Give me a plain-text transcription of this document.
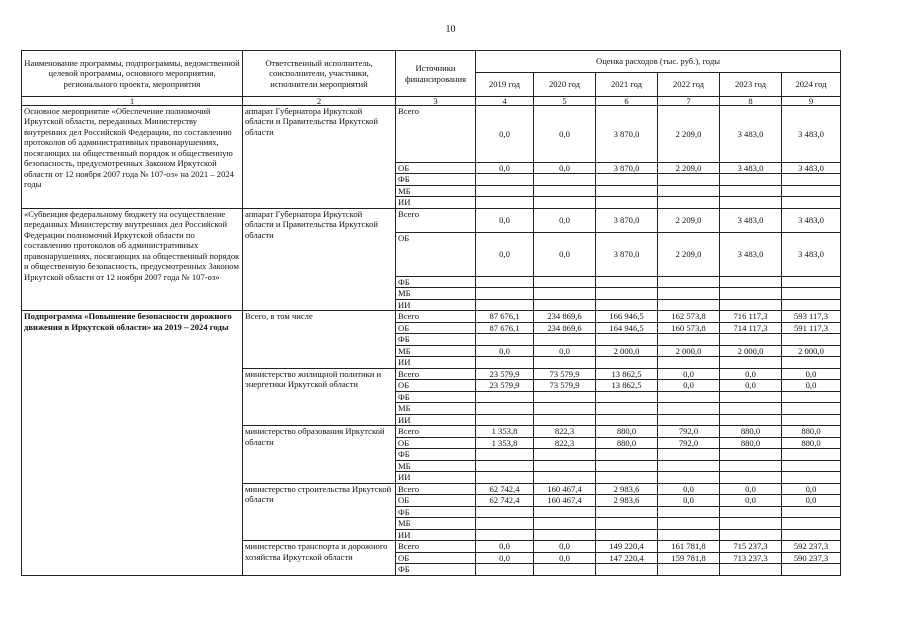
10
Наименование программы, подпрограммы, ведомственной целевой программы, основного мероприятия, регионального проекта, мероприятия	Ответственный исполнитель, соисполнители, участники, исполнители мероприятий	Источники финансирования	Оценка расходов (тыс. руб.), годы					
			2019 год	2020 год	2021 год	2022 год	2023 год	2024 год
1	2	3	4	5	6	7	8	9
Основное мероприятие «Обеспечение полномочий Иркутской области, переданных Министерству внутренних дел Российской Федерации, по составлению протоколов об административных правонарушениях, посягающих на общественный порядок и общественную безопасность, предусмотренных Законом Иркутской области от 12 ноября 2007 года № 107-оз» на 2021 – 2024 годы	аппарат Губернатора Иркутской области и Правительства Иркутской области	Всего	0,0	0,0	3 870,0	2 209,0	3 483,0	3 483,0
		ОБ	0,0	0,0	3 870,0	2 209,0	3 483,0	3 483,0
		ФБ						
		МБ						
		ИИ						
«Субвенция федеральному бюджету на осуществление переданных Министерству внутренних дел Российской Федерации полномочий Иркутской области по составлению протоколов об административных правонарушениях, посягающих на общественный порядок и общественную безопасность, предусмотренных Законом Иркутской области от 12 ноября 2007 года № 107-оз»	аппарат Губернатора Иркутской области и Правительства Иркутской области	Всего	0,0	0,0	3 870,0	2 209,0	3 483,0	3 483,0
		ОБ	0,0	0,0	3 870,0	2 209,0	3 483,0	3 483,0
		ФБ						
		МБ						
		ИИ						
Подпрограмма «Повышение безопасности дорожного движения в Иркутской области» на 2019 – 2024 годы	Всего, в том числе	Всего	87 676,1	234 869,6	166 946,5	162 573,8	716 117,3	593 117,3
		ОБ	87 676,1	234 869,6	164 946,5	160 573,8	714 117,3	591 117,3
		ФБ						
		МБ	0,0	0,0	2 000,0	2 000,0	2 000,0	2 000,0
		ИИ						
	министерство жилищной политики и энергетики Иркутской области	Всего	23 579,9	73 579,9	13 862,5	0,0	0,0	0,0
		ОБ	23 579,9	73 579,9	13 862,5	0,0	0,0	0,0
		ФБ						
		МБ						
		ИИ						
	министерство образования Иркутской области	Всего	1 353,8	822,3	880,0	792,0	880,0	880,0
		ОБ	1 353,8	822,3	880,0	792,0	880,0	880,0
		ФБ						
		МБ						
		ИИ						
	министерство строительства Иркутской области	Всего	62 742,4	160 467,4	2 983,6	0,0	0,0	0,0
		ОБ	62 742,4	160 467,4	2 983,6	0,0	0,0	0,0
		ФБ						
		МБ						
		ИИ						
	министерство транспорта и дорожного хозяйства Иркутской области	Всего	0,0	0,0	149 220,4	161 781,8	715 237,3	592 237,3
		ОБ	0,0	0,0	147 220,4	159 781,8	713 237,3	590 237,3
		ФБ						
